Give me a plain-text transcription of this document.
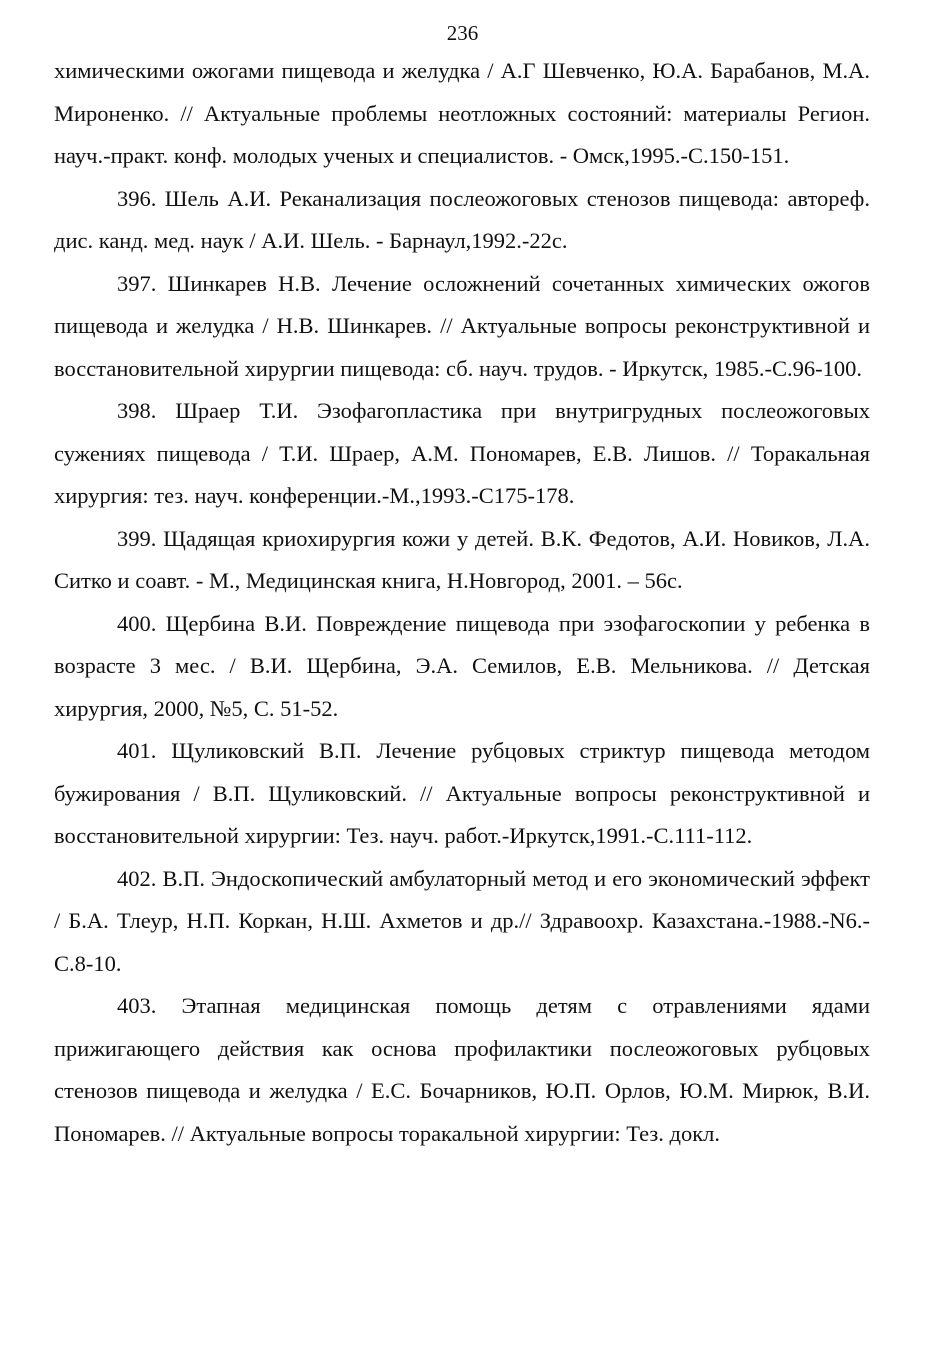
236

химическими ожогами пищевода и желудка / А.Г Шевченко, Ю.А. Барабанов, М.А. Мироненко. // Актуальные проблемы неотложных состояний: материалы Регион. науч.-практ. конф. молодых ученых и специалистов. - Омск,1995.-С.150-151.

396. Шель А.И. Реканализация послеожоговых стенозов пищевода: автореф. дис. канд. мед. наук / А.И. Шель. - Барнаул,1992.-22с.

397. Шинкарев Н.В. Лечение осложнений сочетанных химических ожогов пищевода и желудка / Н.В. Шинкарев. // Актуальные вопросы реконструктивной и восстановительной хирургии пищевода: сб. науч. трудов. - Иркутск, 1985.-С.96-100.

398. Шраер Т.И. Эзофагопластика при внутригрудных послеожоговых сужениях пищевода / Т.И. Шраер, А.М. Пономарев, Е.В. Лишов. // Торакальная хирургия: тез. науч. конференции.-М.,1993.-С175-178.

399. Щадящая криохирургия кожи у детей. В.К. Федотов, А.И. Новиков, Л.А. Ситко и соавт. - М., Медицинская книга, Н.Новгород, 2001. – 56с.

400. Щербина В.И. Повреждение пищевода при эзофагоскопии у ребенка в возрасте 3 мес. / В.И. Щербина, Э.А. Семилов, Е.В. Мельникова. // Детская хирургия, 2000, №5, С. 51-52.

401. Щуликовский В.П. Лечение рубцовых стриктур пищевода методом бужирования / В.П. Щуликовский. // Актуальные вопросы реконструктивной и восстановительной хирургии: Тез. науч. работ.-Иркутск,1991.-С.111-112.

402. В.П. Эндоскопический амбулаторный метод и его экономический эффект / Б.А. Тлеур, Н.П. Коркан, Н.Ш. Ахметов и др.// Здравоохр. Казахстана.-1988.-N6.-С.8-10.

403. Этапная медицинская помощь детям с отравлениями ядами прижигающего действия как основа профилактики послеожоговых рубцовых стенозов пищевода и желудка / Е.С. Бочарников, Ю.П. Орлов, Ю.М. Мирюк, В.И. Пономарев. // Актуальные вопросы торакальной хирургии: Тез. докл.
